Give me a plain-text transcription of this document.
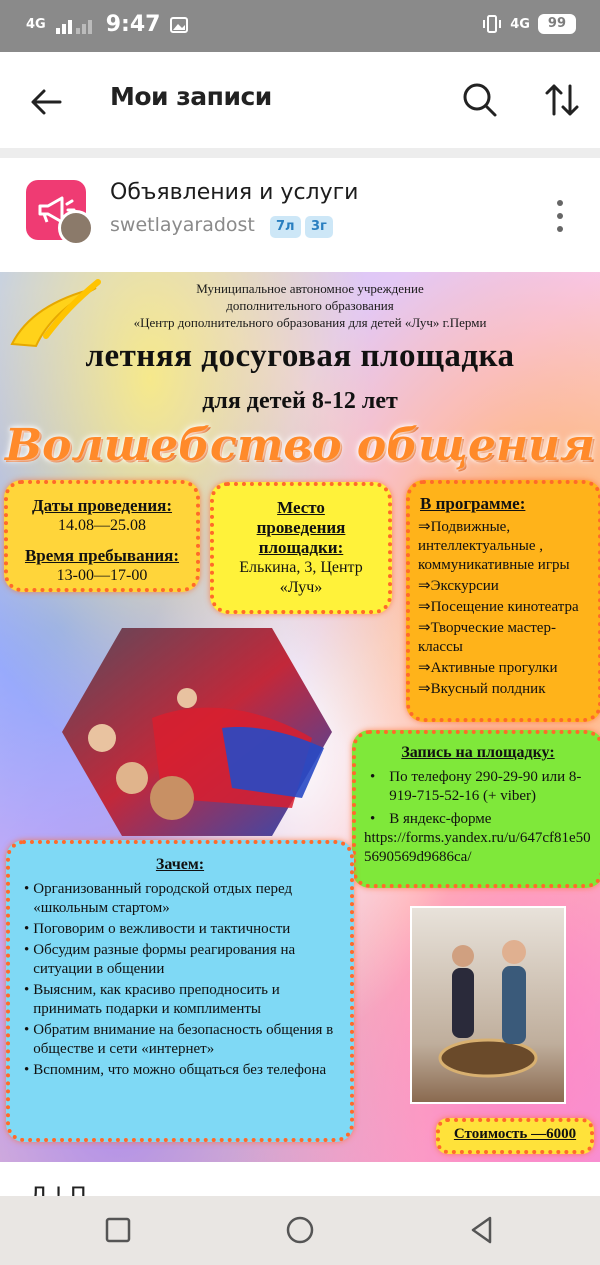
4G	9:47	4G	99
Мои записи
Объявления и услуги
swetlayaradost	7л	3г
Муниципальное автономное учреждение
дополнительного образования
«Центр дополнительного образования для детей «Луч» г.Перми
летняя досуговая площадка
для детей 8-12 лет
Волшебство общения
Даты проведения:
14.08—25.08
Время пребывания:
13-00—17-00
Место
проведения
площадки:
Елькина, 3, Центр «Луч»
В программе:
⇒Подвижные, интеллектуальные , коммуникативные игры
⇒Экскурсии
⇒Посещение кинотеатра
⇒Творческие мастер-классы
⇒Активные прогулки
⇒Вкусный полдник
Запись на площадку:
• По телефону 290-29-90 или 8-919-715-52-16 (+ viber)
• В яндекс-форме
https://forms.yandex.ru/u/647cf81e505690569d9686ca/
Зачем:
• Организованный городской отдых перед «школьным стартом»
• Поговорим о вежливости и тактичности
• Обсудим разные формы реагирования на ситуации в общении
• Выясним, как красиво преподносить и принимать подарки и комплименты
• Обратим внимание на безопасность общения в обществе и сети «интернет»
• Вспомним, что можно общаться без телефона
Стоимость —6000
